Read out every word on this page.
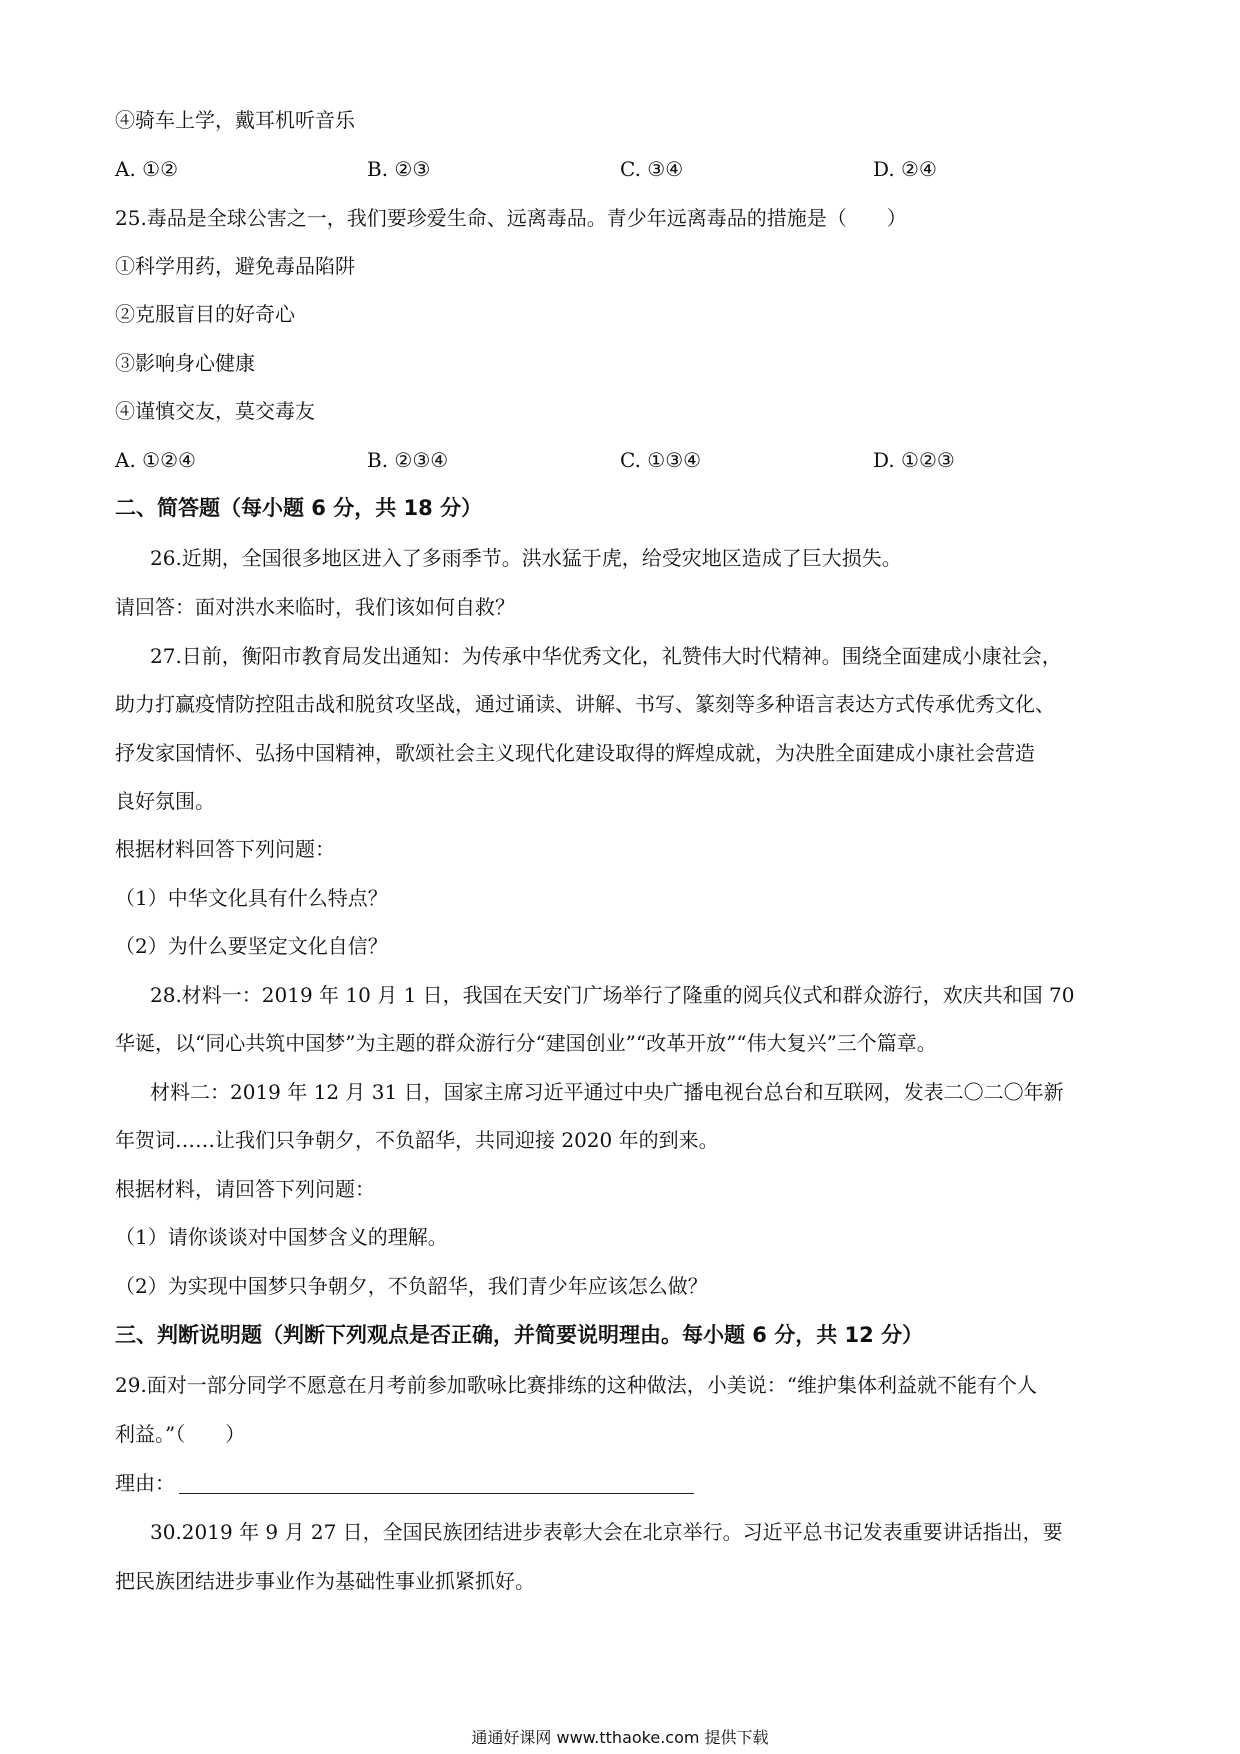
④骑车上学，戴耳机听音乐
A. ①②	B. ②③	C. ③④	D. ②④
25.毒品是全球公害之一，我们要珍爱生命、远离毒品。青少年远离毒品的措施是（　　）
①科学用药，避免毒品陷阱
②克服盲目的好奇心
③影响身心健康
④谨慎交友，莫交毒友
A. ①②④	B. ②③④	C. ①③④	D. ①②③
二、简答题（每小题 6 分，共 18 分）
26.近期，全国很多地区进入了多雨季节。洪水猛于虎，给受灾地区造成了巨大损失。
请回答：面对洪水来临时，我们该如何自救？
27.日前，衡阳市教育局发出通知：为传承中华优秀文化，礼赞伟大时代精神。围绕全面建成小康社会，
助力打赢疫情防控阻击战和脱贫攻坚战，通过诵读、讲解、书写、篆刻等多种语言表达方式传承优秀文化、
抒发家国情怀、弘扬中国精神，歌颂社会主义现代化建设取得的辉煌成就，为决胜全面建成小康社会营造
良好氛围。
根据材料回答下列问题：
（1）中华文化具有什么特点？
（2）为什么要坚定文化自信？
28.材料一：2019 年 10 月 1 日，我国在天安门广场举行了隆重的阅兵仪式和群众游行，欢庆共和国 70
华诞，以“同心共筑中国梦”为主题的群众游行分“建国创业”“改革开放”“伟大复兴”三个篇章。
材料二：2019 年 12 月 31 日，国家主席习近平通过中央广播电视台总台和互联网，发表二〇二〇年新
年贺词……让我们只争朝夕，不负韶华，共同迎接 2020 年的到来。
根据材料，请回答下列问题：
（1）请你谈谈对中国梦含义的理解。
（2）为实现中国梦只争朝夕，不负韶华，我们青少年应该怎么做？
三、判断说明题（判断下列观点是否正确，并简要说明理由。每小题 6 分，共 12 分）
29.面对一部分同学不愿意在月考前参加歌咏比赛排练的这种做法，小美说：“维护集体利益就不能有个人
利益。”（　　）
理由：
30.2019 年 9 月 27 日，全国民族团结进步表彰大会在北京举行。习近平总书记发表重要讲话指出，要
把民族团结进步事业作为基础性事业抓紧抓好。
通通好课网 www.tthaoke.com 提供下载
